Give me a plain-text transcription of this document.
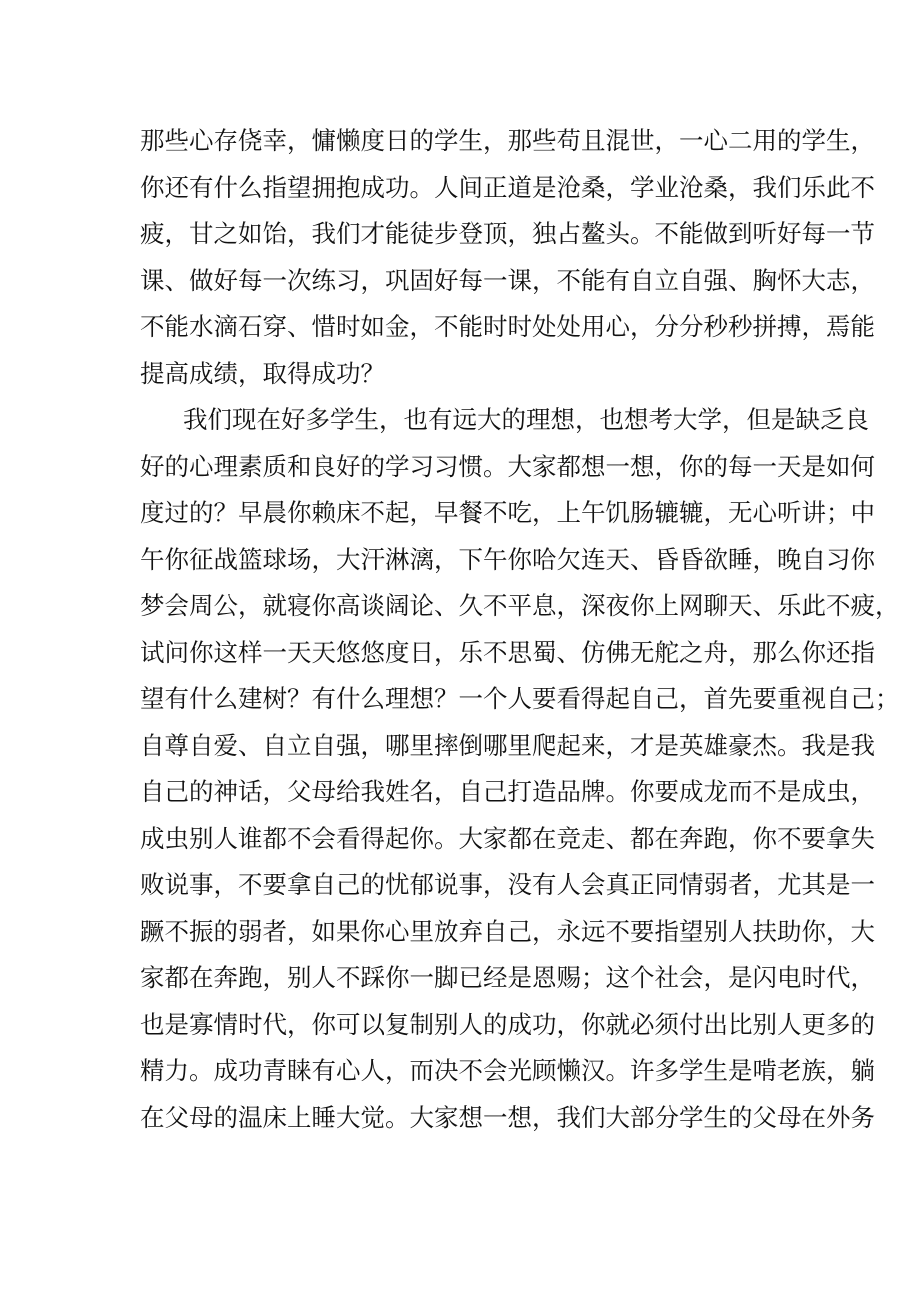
那些心存侥幸，慵懒度日的学生，那些苟且混世，一心二用的学生，
你还有什么指望拥抱成功。人间正道是沧桑，学业沧桑，我们乐此不
疲，甘之如饴，我们才能徒步登顶，独占鳌头。不能做到听好每一节
课、做好每一次练习，巩固好每一课，不能有自立自强、胸怀大志，
不能水滴石穿、惜时如金，不能时时处处用心，分分秒秒拼搏，焉能
提高成绩，取得成功？
我们现在好多学生，也有远大的理想，也想考大学，但是缺乏良
好的心理素质和良好的学习习惯。大家都想一想，你的每一天是如何
度过的？早晨你赖床不起，早餐不吃，上午饥肠辘辘，无心听讲；中
午你征战篮球场，大汗淋漓，下午你哈欠连天、昏昏欲睡，晚自习你
梦会周公，就寝你高谈阔论、久不平息，深夜你上网聊天、乐此不疲，
试问你这样一天天悠悠度日，乐不思蜀、仿佛无舵之舟，那么你还指
望有什么建树？有什么理想？一个人要看得起自己，首先要重视自己；
自尊自爱、自立自强，哪里摔倒哪里爬起来，才是英雄豪杰。我是我
自己的神话，父母给我姓名，自己打造品牌。你要成龙而不是成虫，
成虫别人谁都不会看得起你。大家都在竞走、都在奔跑，你不要拿失
败说事，不要拿自己的忧郁说事，没有人会真正同情弱者，尤其是一
蹶不振的弱者，如果你心里放弃自己，永远不要指望别人扶助你，大
家都在奔跑，别人不踩你一脚已经是恩赐；这个社会，是闪电时代，
也是寡情时代，你可以复制别人的成功，你就必须付出比别人更多的
精力。成功青睐有心人，而决不会光顾懒汉。许多学生是啃老族，躺
在父母的温床上睡大觉。大家想一想，我们大部分学生的父母在外务
